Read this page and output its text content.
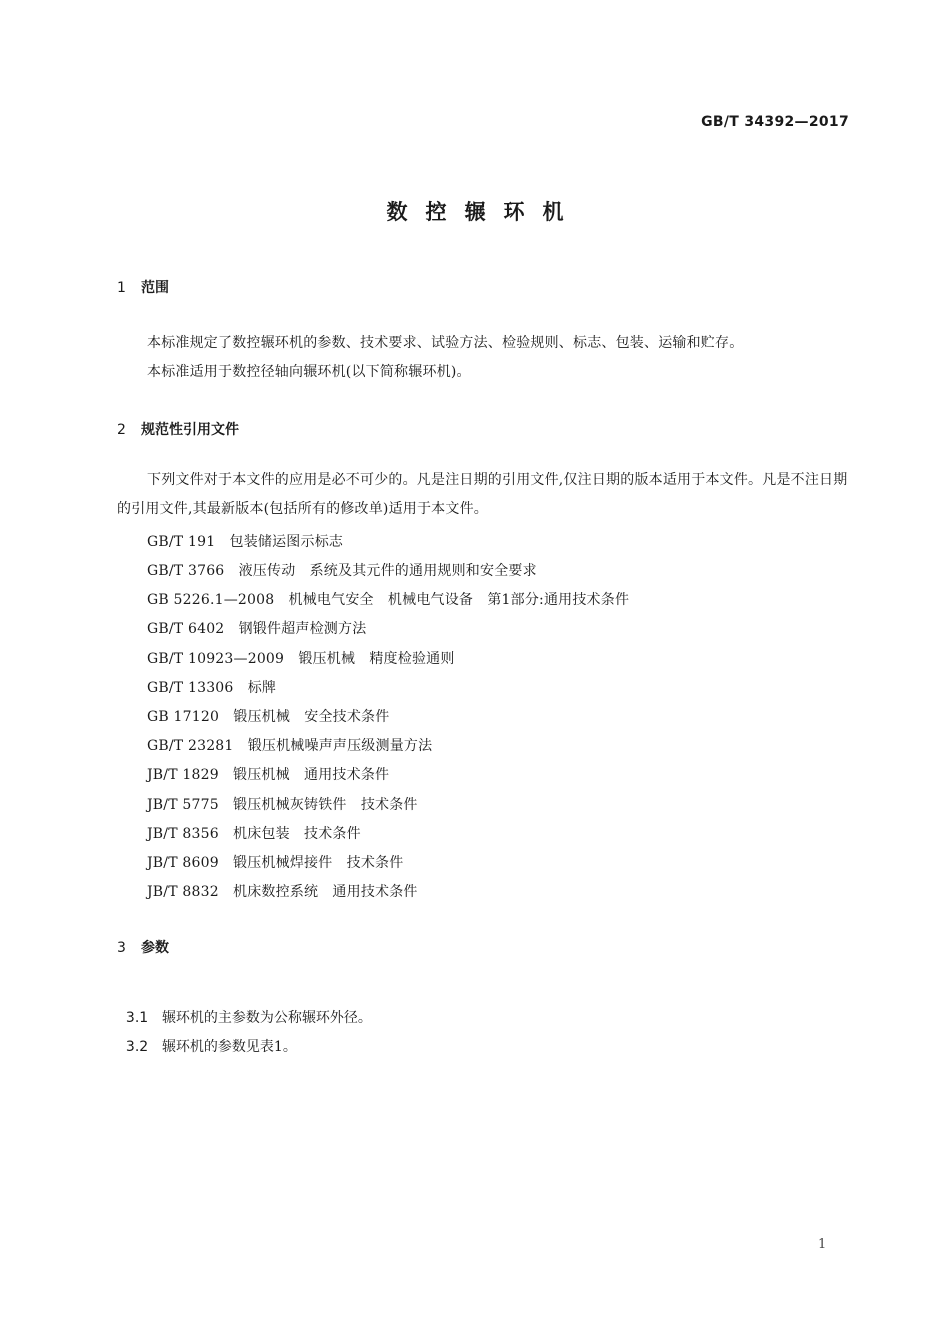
GB/T 34392—2017
数控辗环机
1 范围
本标准规定了数控辗环机的参数、技术要求、试验方法、检验规则、标志、包装、运输和贮存。
本标准适用于数控径轴向辗环机(以下简称辗环机)。
2 规范性引用文件
下列文件对于本文件的应用是必不可少的。凡是注日期的引用文件,仅注日期的版本适用于本文件。凡是不注日期的引用文件,其最新版本(包括所有的修改单)适用于本文件。
GB/T 191　包装储运图示标志
GB/T 3766　液压传动　系统及其元件的通用规则和安全要求
GB 5226.1—2008　机械电气安全　机械电气设备　第1部分:通用技术条件
GB/T 6402　钢锻件超声检测方法
GB/T 10923—2009　锻压机械　精度检验通则
GB/T 13306　标牌
GB 17120　锻压机械　安全技术条件
GB/T 23281　锻压机械噪声声压级测量方法
JB/T 1829　锻压机械　通用技术条件
JB/T 5775　锻压机械灰铸铁件　技术条件
JB/T 8356　机床包装　技术条件
JB/T 8609　锻压机械焊接件　技术条件
JB/T 8832　机床数控系统　通用技术条件
3 参数

3.1 辗环机的主参数为公称辗环外径。

3.2 辗环机的参数见表1。

1
